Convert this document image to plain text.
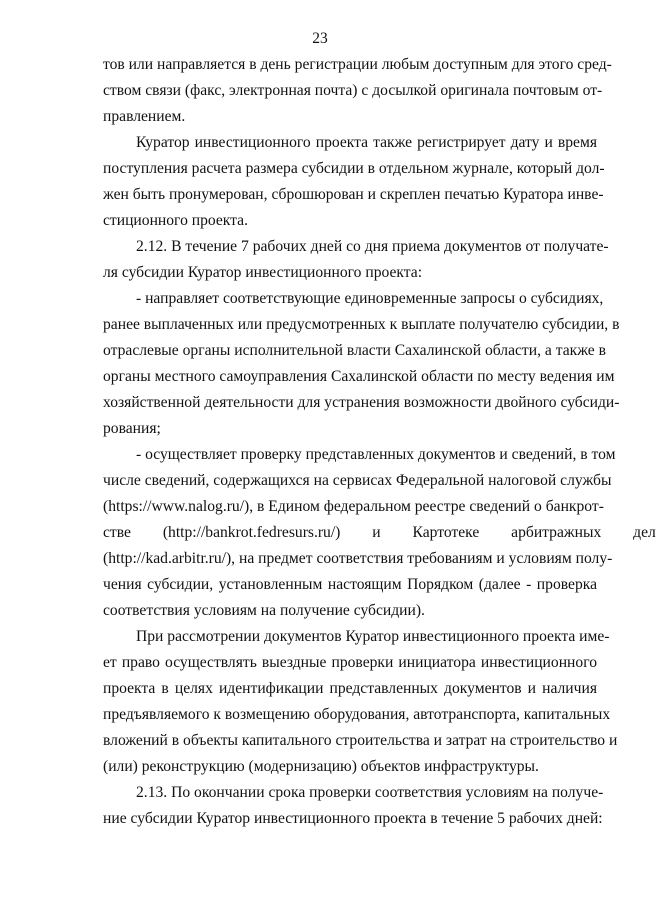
23
тов или направляется в день регистрации любым доступным для этого сред-
ством связи (факс, электронная почта) с досылкой оригинала почтовым от-
правлением.
Куратор инвестиционного проекта также регистрирует дату и время
поступления расчета размера субсидии в отдельном журнале, который дол-
жен быть пронумерован, сброшюрован и скреплен печатью Куратора инве-
стиционного проекта.
2.12. В течение 7 рабочих дней со дня приема документов от получате-
ля субсидии Куратор инвестиционного проекта:
- направляет соответствующие единовременные запросы о субсидиях,
ранее выплаченных или предусмотренных к выплате получателю субсидии, в
отраслевые органы исполнительной власти Сахалинской области, а также в
органы местного самоуправления Сахалинской области по месту ведения им
хозяйственной деятельности для устранения возможности двойного субсиди-
рования;
- осуществляет проверку представленных документов и сведений, в том
числе сведений, содержащихся на сервисах Федеральной налоговой службы
(https://www.nalog.ru/), в Едином федеральном реестре сведений о банкрот-
стве (http://bankrot.fedresurs.ru/) и Картотеке арбитражных дел
(http://kad.arbitr.ru/), на предмет соответствия требованиям и условиям полу-
чения субсидии, установленным настоящим Порядком (далее - проверка
соответствия условиям на получение субсидии).
При рассмотрении документов Куратор инвестиционного проекта име-
ет право осуществлять выездные проверки инициатора инвестиционного
проекта в целях идентификации представленных документов и наличия
предъявляемого к возмещению оборудования, автотранспорта, капитальных
вложений в объекты капитального строительства и затрат на строительство и
(или) реконструкцию (модернизацию) объектов инфраструктуры.
2.13. По окончании срока проверки соответствия условиям на получе-
ние субсидии Куратор инвестиционного проекта в течение 5 рабочих дней:
